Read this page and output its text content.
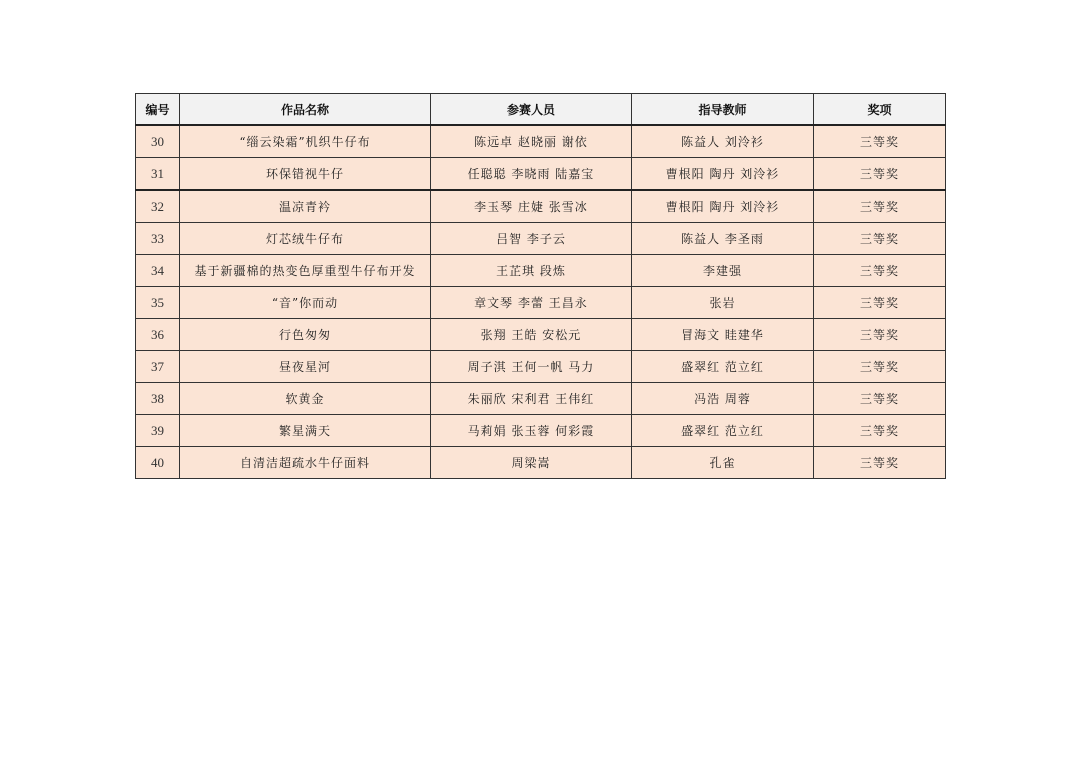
编号	作品名称	参赛人员	指导教师	奖项
30	“缁云染霜”机织牛仔布	陈远卓 赵晓丽 谢依	陈益人 刘泠衫	三等奖
31	环保错视牛仔	任聪聪 李晓雨 陆嘉宝	曹根阳 陶丹 刘泠衫	三等奖
32	温凉青衿	李玉琴 庄婕 张雪冰	曹根阳 陶丹 刘泠衫	三等奖
33	灯芯绒牛仔布	吕智 李子云	陈益人 李圣雨	三等奖
34	基于新疆棉的热变色厚重型牛仔布开发	王芷琪 段炼	李建强	三等奖
35	“音”你而动	章文琴 李蕾 王昌永	张岩	三等奖
36	行色匆匆	张翔 王皓 安松元	冒海文 眭建华	三等奖
37	昼夜星河	周子淇 王何一帆 马力	盛翠红 范立红	三等奖
38	软黄金	朱丽欣 宋利君 王伟红	冯浩 周蓉	三等奖
39	繁星满天	马莉娟 张玉蓉 何彩霞	盛翠红 范立红	三等奖
40	自清洁超疏水牛仔面料	周梁嵩	孔雀	三等奖
